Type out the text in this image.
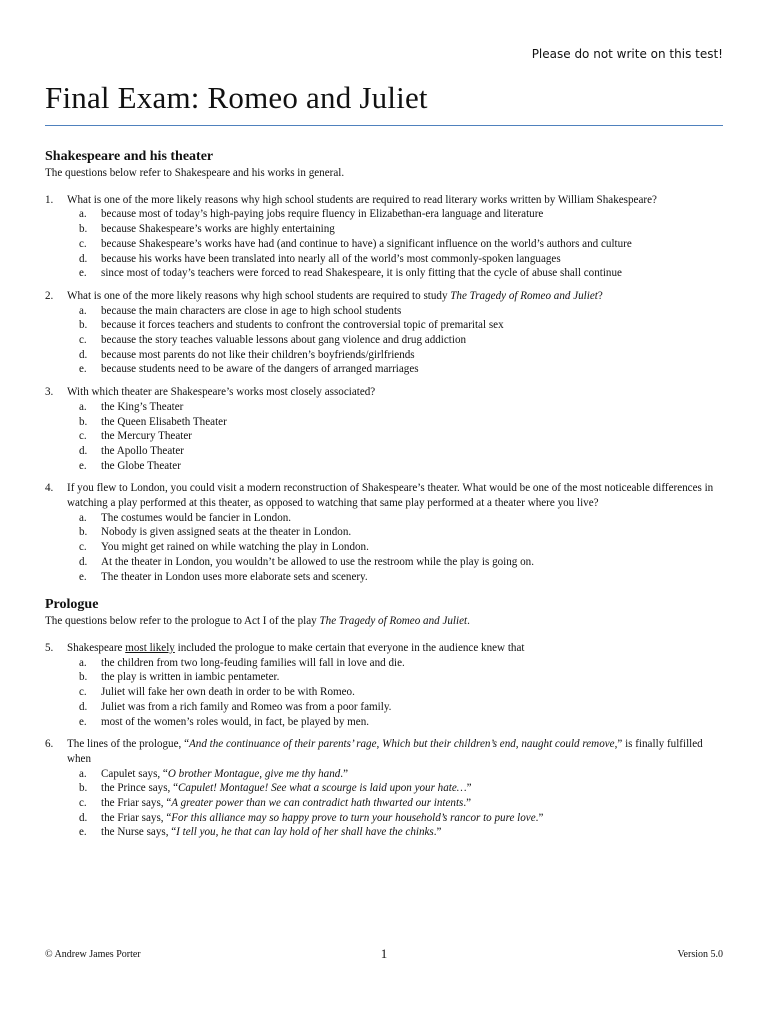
Please do not write on this test!
Final Exam: Romeo and Juliet
Shakespeare and his theater

The questions below refer to Shakespeare and his works in general.

1.	What is one of the more likely reasons why high school students are required to read literary works written by William Shakespeare?
a.	because most of today’s high-paying jobs require fluency in Elizabethan-era language and literature
b.	because Shakespeare’s works are highly entertaining
c.	because Shakespeare’s works have had (and continue to have) a significant influence on the world’s authors and culture
d.	because his works have been translated into nearly all of the world’s most commonly-spoken languages
e.	since most of today’s teachers were forced to read Shakespeare, it is only fitting that the cycle of abuse shall continue
2.	What is one of the more likely reasons why high school students are required to study The Tragedy of Romeo and Juliet?
a.	because the main characters are close in age to high school students
b.	because it forces teachers and students to confront the controversial topic of premarital sex
c.	because the story teaches valuable lessons about gang violence and drug addiction
d.	because most parents do not like their children’s boyfriends/girlfriends
e.	because students need to be aware of the dangers of arranged marriages
3.	With which theater are Shakespeare’s works most closely associated?
a.	the King’s Theater
b.	the Queen Elisabeth Theater
c.	the Mercury Theater
d.	the Apollo Theater
e.	the Globe Theater
4.	If you flew to London, you could visit a modern reconstruction of Shakespeare’s theater. What would be one of the most noticeable differences in watching a play performed at this theater, as opposed to watching that same play performed at a theater where you live?
a.	The costumes would be fancier in London.
b.	Nobody is given assigned seats at the theater in London.
c.	You might get rained on while watching the play in London.
d.	At the theater in London, you wouldn’t be allowed to use the restroom while the play is going on.
e.	The theater in London uses more elaborate sets and scenery.
Prologue

The questions below refer to the prologue to Act I of the play The Tragedy of Romeo and Juliet.

5.	Shakespeare most likely included the prologue to make certain that everyone in the audience knew that
a.	the children from two long-feuding families will fall in love and die.
b.	the play is written in iambic pentameter.
c.	Juliet will fake her own death in order to be with Romeo.
d.	Juliet was from a rich family and Romeo was from a poor family.
e.	most of the women’s roles would, in fact, be played by men.
6.	The lines of the prologue, “And the continuance of their parents’ rage, Which but their children’s end, naught could remove,” is finally fulfilled when
a.	Capulet says, “O brother Montague, give me thy hand.”
b.	the Prince says, “Capulet! Montague! See what a scourge is laid upon your hate…”
c.	the Friar says, “A greater power than we can contradict hath thwarted our intents.”
d.	the Friar says, “For this alliance may so happy prove to turn your household’s rancor to pure love.”
e.	the Nurse says, “I tell you, he that can lay hold of her shall have the chinks.”
© Andrew James Porter	1	Version 5.0
